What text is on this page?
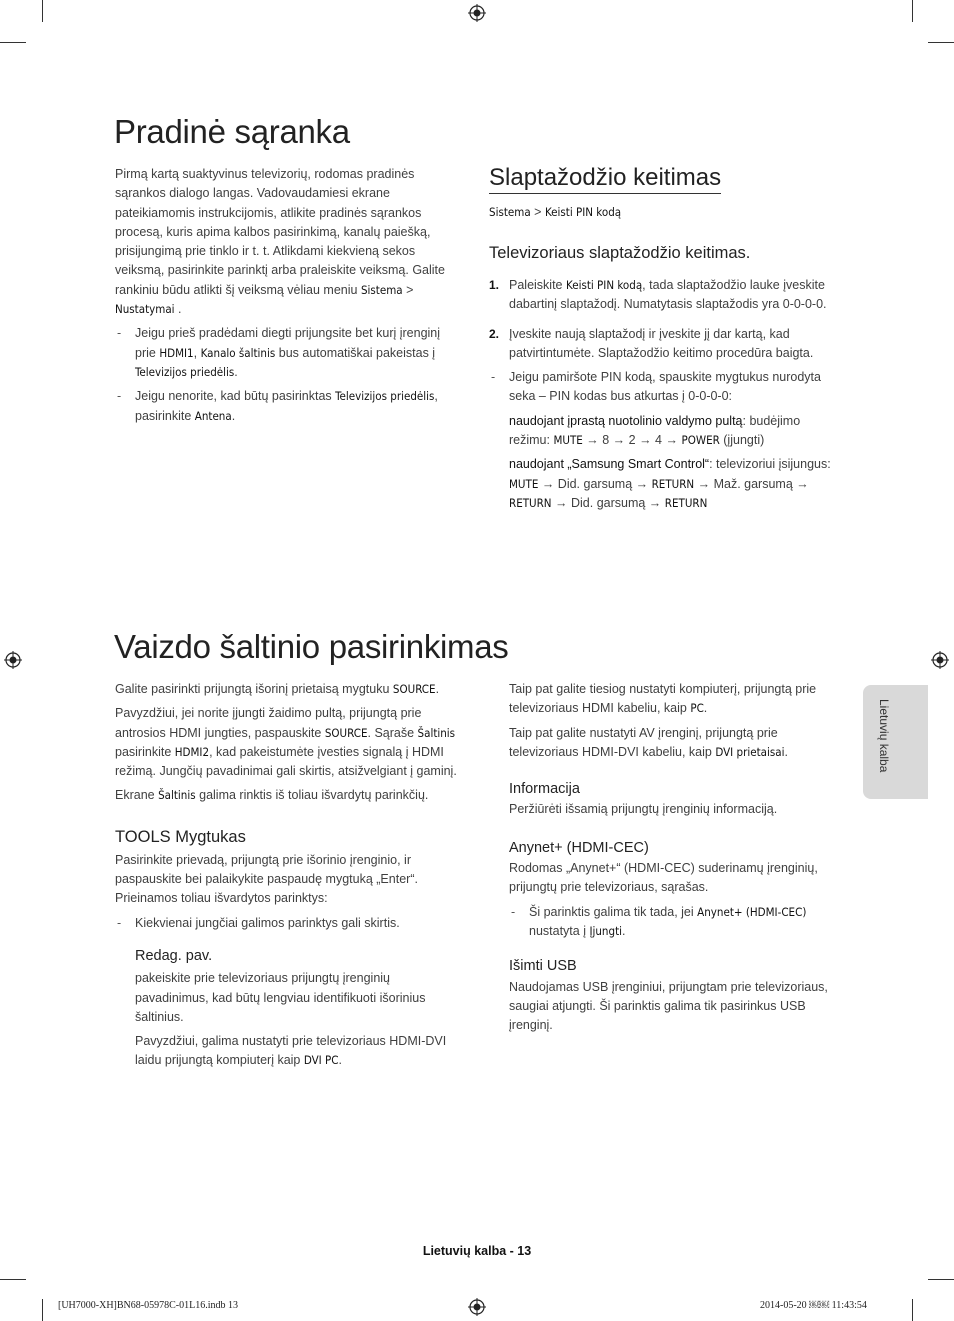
Pradinė sąranka

Pirmą kartą suaktyvinus televizorių, rodomas pradinės sąrankos dialogo langas. Vadovaudamiesi ekrane pateikiamomis instrukcijomis, atlikite pradinės sąrankos procesą, kuris apima kalbos pasirinkimą, kanalų paiešką, prisijungimą prie tinklo ir t. t. Atlikdami kiekvieną sekos veiksmą, pasirinkite parinktį arba praleiskite veiksmą. Galite rankiniu būdu atlikti šį veiksmą vėliau meniu Sistema > Nustatymai .

- Jeigu prieš pradėdami diegti prijungsite bet kurį įrenginį prie HDMI1, Kanalo šaltinis bus automatiškai pakeistas į Televizijos priedėlis.

- Jeigu nenorite, kad būtų pasirinktas Televizijos priedėlis, pasirinkite Antena.

Slaptažodžio keitimas
Sistema > Keisti PIN kodą
Televizoriaus slaptažodžio keitimas.
1. Paleiskite Keisti PIN kodą, tada slaptažodžio lauke įveskite dabartinį slaptažodį. Numatytasis slaptažodis yra 0-0-0-0.

2. Įveskite naują slaptažodį ir įveskite jį dar kartą, kad patvirtintumėte. Slaptažodžio keitimo procedūra baigta.

- Jeigu pamiršote PIN kodą, spauskite mygtukus nurodyta seka – PIN kodas bus atkurtas į 0-0-0-0:

naudojant įprastą nuotolinio valdymo pultą: budėjimo režimu: MUTE → 8 → 2 → 4 → POWER (įjungti)

naudojant „Samsung Smart Control“: televizoriui įsijungus: MUTE → Did. garsumą → RETURN → Maž. garsumą → RETURN → Did. garsumą → RETURN

Vaizdo šaltinio pasirinkimas

Galite pasirinkti prijungtą išorinį prietaisą mygtuku SOURCE.

Pavyzdžiui, jei norite įjungti žaidimo pultą, prijungtą prie antrosios HDMI jungties, paspauskite SOURCE. Sąraše Šaltinis pasirinkite HDMI2, kad pakeistumėte įvesties signalą į HDMI režimą. Jungčių pavadinimai gali skirtis, atsižvelgiant į gaminį.

Ekrane Šaltinis galima rinktis iš toliau išvardytų parinkčių.

TOOLS Mygtukas

Pasirinkite prievadą, prijungtą prie išorinio įrenginio, ir paspauskite bei palaikykite paspaudę mygtuką „Enter“. Prieinamos toliau išvardytos parinktys:

- Kiekvienai jungčiai galimos parinktys gali skirtis.

Redag. pav.

pakeiskite prie televizoriaus prijungtų įrenginių pavadinimus, kad būtų lengviau identifikuoti išorinius šaltinius.

Pavyzdžiui, galima nustatyti prie televizoriaus HDMI-DVI laidu prijungtą kompiuterį kaip DVI PC.

Taip pat galite tiesiog nustatyti kompiuterį, prijungtą prie televizoriaus HDMI kabeliu, kaip PC.

Taip pat galite nustatyti AV įrenginį, prijungtą prie televizoriaus HDMI-DVI kabeliu, kaip DVI prietaisai.

Informacija

Peržiūrėti išsamią prijungtų įrenginių informaciją.

Anynet+ (HDMI-CEC)

Rodomas „Anynet+“ (HDMI-CEC) suderinamų įrenginių, prijungtų prie televizoriaus, sąrašas.

- Ši parinktis galima tik tada, jei Anynet+ (HDMI-CEC) nustatyta į Įjungti.

Išimti USB

Naudojamas USB įrenginiui, prijungtam prie televizoriaus, saugiai atjungti. Ši parinktis galima tik pasirinkus USB įrenginį.

Lietuvių kalba
Lietuvių kalba - 13
[UH7000-XH]BN68-05978C-01L16.indb 13	2014-05-20 ￼￼ 11:43:54
